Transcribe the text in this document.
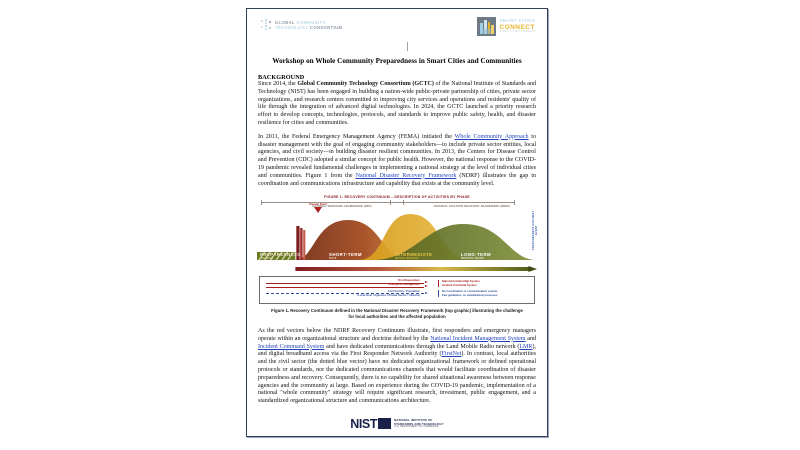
GLOBAL COMMUNITY
TECHNOLOGY CONSORTIUM
SMART CITIES
CONNECT
SMART CITIES CONNECT
Workshop on Whole Community Preparedness in Smart Cities and Communities
BACKGROUND

Since 2014, the Global Community Technology Consortium (GCTC) of the National Institute of Standards and Technology (NIST) has been engaged in building a nation-wide public-private partnership of cities, private sector organizations, and research centers committed to improving city services and operations and residents' quality of life through the integration of advanced digital technologies. In 2024, the GCTC launched a priority research effort to develop concepts, technologies, protocols, and standards to improve public safety, health, and disaster resilience for cities and communities.

In 2011, the Federal Emergency Management Agency (FEMA) initiated the Whole Community Approach to disaster management with the goal of engaging community stakeholders—to include private sector entities, local agencies, and civil society—in building disaster resilient communities. In 2013, the Centers for Disease Control and Prevention (CDC) adopted a similar concept for public health. However, the national response to the COVID-19 pandemic revealed fundamental challenges in implementing a national strategy at the level of individual cities and communities. Figure 1 from the National Disaster Recovery Framework (NDRF) illustrates the gap in coordination and communications infrastructure and capability that exists at the community level.

FIGURE 1: RECOVERY CONTINUUM – DESCRIPTION OF ACTIVITIES BY PHASE
NATIONAL RESPONSE FRAMEWORK (NRF)	NATIONAL DISASTER RECOVERY FRAMEWORK (NDRF)
Disaster Event
PREPAREDNESS FOR NEXT EVENT
PREPAREDNESS
ONGOING
SHORT-TERM
DAYS
INTERMEDIATE
WEEKS-MONTHS
LONG-TERM
MONTHS-YEARS
First Responders
Emergency Management
National Incident Mgt System
Incident Command System
Civil Society / Population
(Local Govt / Agencies / Private Sector / Citizens)
No Coordination or communication system,
Few guidelines, no standardized processes
Figure 1. Recovery Continuum defined in the National Disaster Recovery Framework (top graphic) illustrating the challenge for local authorities and the affected population

As the red vectors below the NDRF Recovery Continuum illustrate, first responders and emergency managers operate within an organizational structure and doctrine defined by the National Incident Management System and Incident Command System and have dedicated communications through the Land Mobile Radio network (LMR), and digital broadband access via the First Responder Network Authority (FirstNet). In contrast, local authorities and the civil sector (the dotted blue vector) have no dedicated organizational framework or defined operational protocols or standards, nor the dedicated communications channels that would facilitate coordination of disaster preparedness and recovery. Consequently, there is no capability for shared situational awareness between response agencies and the community at large. Based on experience during the COVID-19 pandemic, implementation of a national "whole community" strategy will require significant research, investment, public engagement, and a standardized organizational structure and communications architecture.

NIST	NATIONAL INSTITUTE OF
STANDARDS AND TECHNOLOGY
U.S. DEPARTMENT OF COMMERCE
